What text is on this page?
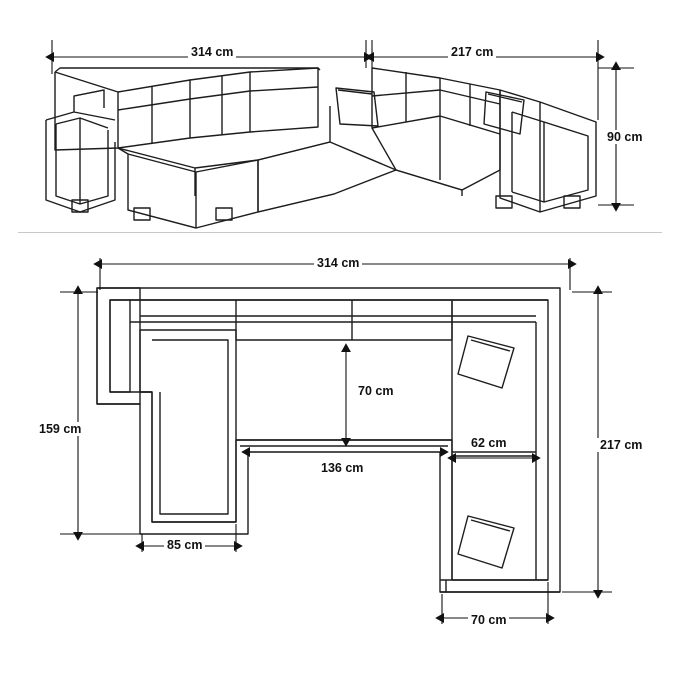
314 cm	217 cm
90 cm
314 cm
159 cm
217 cm
70 cm
136 cm
85 cm
62 cm
70 cm
